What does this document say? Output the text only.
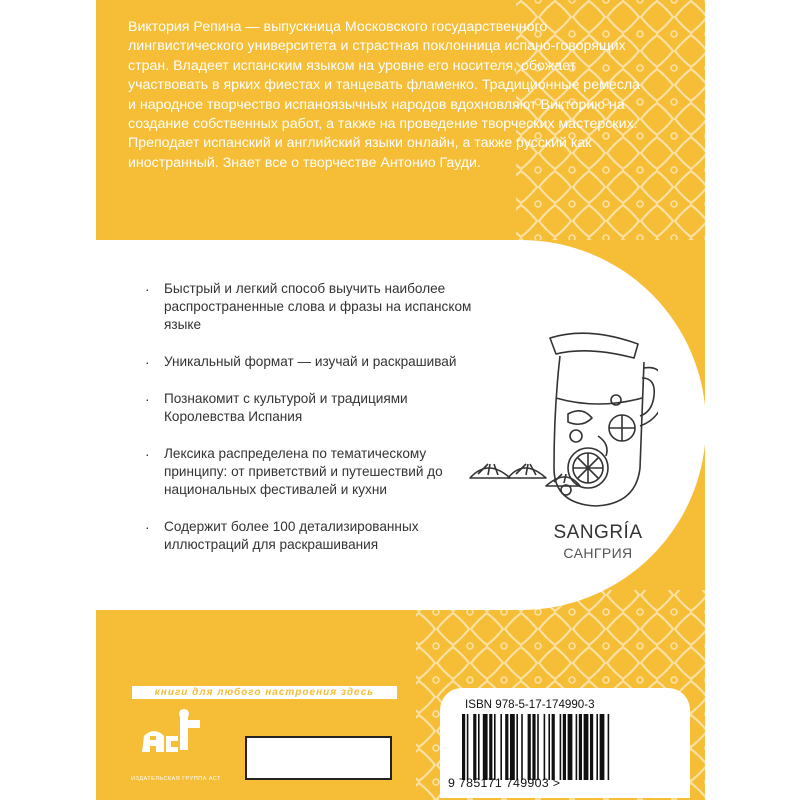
Виктория Репина — выпускница Московского государственного лингвистического университета и страстная поклонница испано-говорящих стран. Владеет испанским языком на уровне его носителя, обожает участвовать в ярких фиестах и танцевать фламенко. Традиционные ремесла и народное творчество испаноязычных народов вдохновляют Викторию на создание собственных работ, а также на проведение творческих мастерских. Преподает испанский и английский языки онлайн, а также русский как иностранный. Знает все о творчестве Антонио Гауди.
· Быстрый и легкий способ выучить наиболее распространенные слова и фразы на испанском языке
· Уникальный формат — изучай и раскрашивай
· Познакомит с культурой и традициями Королевства Испания
· Лексика распределена по тематическому принципу: от приветствий и путешествий до национальных фестивалей и кухни
· Содержит более 100 детализированных иллюстраций для раскрашивания
SANGRÍA
САНГРИЯ
книги для любого настроения здесь
ИЗДАТЕЛЬСКАЯ ГРУППА АСТ
ISBN 978-5-17-174990-3
9 785171 749903 >
